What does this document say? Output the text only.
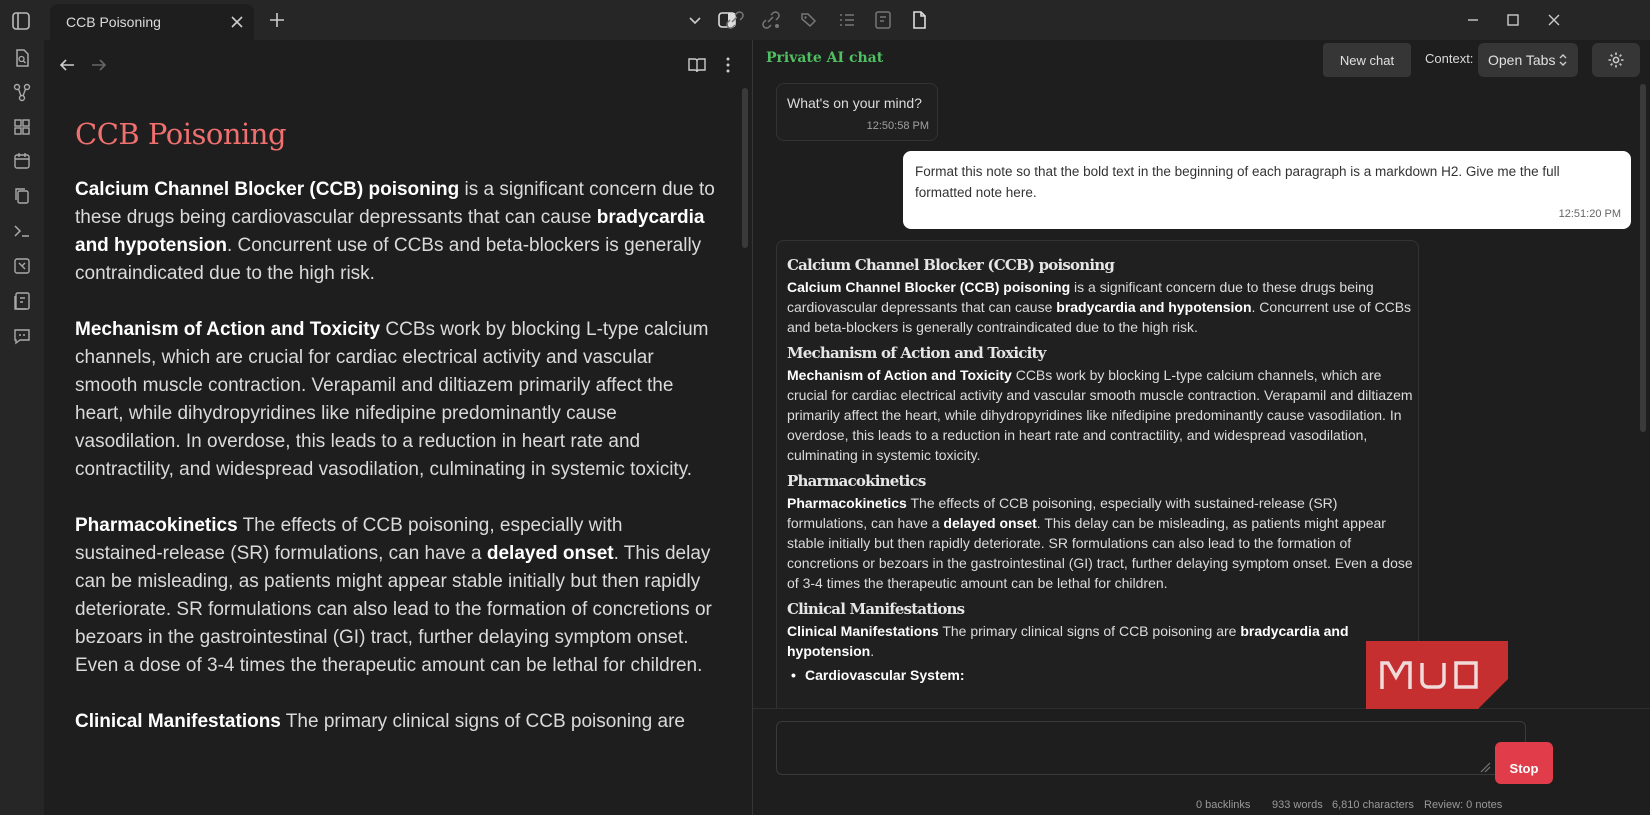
CCB Poisoning
CCB Poisoning
Calcium Channel Blocker (CCB) poisoning is a significant concern due to these drugs being cardiovascular depressants that can cause bradycardia and hypotension. Concurrent use of CCBs and beta-blockers is generally contraindicated due to the high risk.
Mechanism of Action and Toxicity CCBs work by blocking L-type calcium channels, which are crucial for cardiac electrical activity and vascular smooth muscle contraction. Verapamil and diltiazem primarily affect the heart, while dihydropyridines like nifedipine predominantly cause vasodilation. In overdose, this leads to a reduction in heart rate and contractility, and widespread vasodilation, culminating in systemic toxicity.
Pharmacokinetics The effects of CCB poisoning, especially with sustained-release (SR) formulations, can have a delayed onset. This delay can be misleading, as patients might appear stable initially but then rapidly deteriorate. SR formulations can also lead to the formation of concretions or bezoars in the gastrointestinal (GI) tract, further delaying symptom onset. Even a dose of 3-4 times the therapeutic amount can be lethal for children.
Clinical Manifestations The primary clinical signs of CCB poisoning are
Private AI chat	New chat	Context:	Open Tabs
What's on your mind?
12:50:58 PM
Format this note so that the bold text in the beginning of each paragraph is a markdown H2. Give me the full formatted note here.
12:51:20 PM
Calcium Channel Blocker (CCB) poisoning
Calcium Channel Blocker (CCB) poisoning is a significant concern due to these drugs being cardiovascular depressants that can cause bradycardia and hypotension. Concurrent use of CCBs and beta-blockers is generally contraindicated due to the high risk.
Mechanism of Action and Toxicity
Mechanism of Action and Toxicity CCBs work by blocking L-type calcium channels, which are crucial for cardiac electrical activity and vascular smooth muscle contraction. Verapamil and diltiazem primarily affect the heart, while dihydropyridines like nifedipine predominantly cause vasodilation. In overdose, this leads to a reduction in heart rate and contractility, and widespread vasodilation, culminating in systemic toxicity.
Pharmacokinetics
Pharmacokinetics The effects of CCB poisoning, especially with sustained-release (SR) formulations, can have a delayed onset. This delay can be misleading, as patients might appear stable initially but then rapidly deteriorate. SR formulations can also lead to the formation of concretions or bezoars in the gastrointestinal (GI) tract, further delaying symptom onset. Even a dose of 3-4 times the therapeutic amount can be lethal for children.
Clinical Manifestations
Clinical Manifestations The primary clinical signs of CCB poisoning are bradycardia and hypotension.
• Cardiovascular System:
Stop
0 backlinks 933 words 6,810 characters Review: 0 notes
